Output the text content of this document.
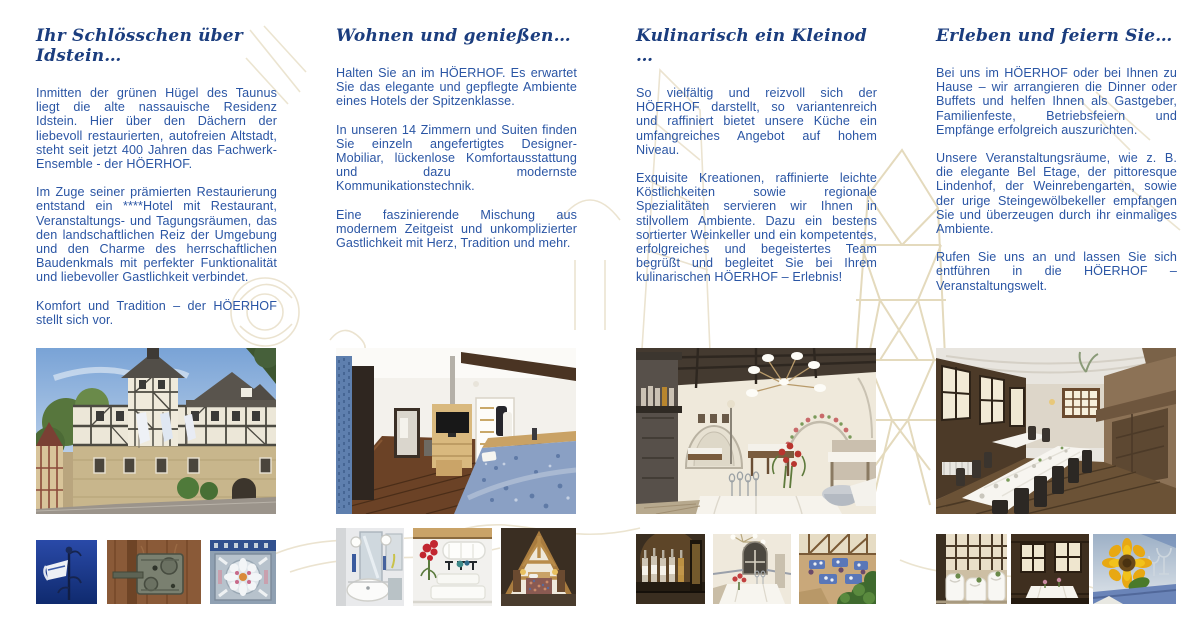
Ihr Schlösschen über Idstein…

Inmitten der grünen Hügel des Taunus liegt die alte nassauische Residenz Idstein. Hier über den Dächern der liebevoll restaurierten, autofreien Altstadt, steht seit jetzt 400 Jahren das Fachwerk-Ensemble - der HÖERHOF.

Im Zuge seiner prämierten Restaurierung entstand ein ****Hotel mit Restaurant, Veranstaltungs- und Tagungsräumen, das den landschaftlichen Reiz der Umgebung und den Charme des herrschaftlichen Baudenkmals mit perfekter Funktionalität und liebevoller Gastlichkeit verbindet.

Komfort und Tradition – der HÖERHOF stellt sich vor.

Wohnen und genießen…

Halten Sie an im HÖERHOF. Es erwartet Sie das elegante und gepflegte Ambiente eines Hotels der Spitzenklasse.

In unseren 14 Zimmern und Suiten finden Sie einzeln angefertigtes Designer-Mobiliar, lückenlose Komfortausstattung und dazu modernste Kommunikationstechnik.

Eine faszinierende Mischung aus modernem Zeitgeist und unkomplizierter Gastlichkeit mit Herz, Tradition und mehr.

Kulinarisch ein Kleinod …

So vielfältig und reizvoll sich der HÖERHOF darstellt, so variantenreich und raffiniert bietet unsere Küche ein umfangreiches Angebot auf hohem Niveau.

Exquisite Kreationen, raffinierte leichte Köstlichkeiten sowie regionale Spezialitäten servieren wir Ihnen in stilvollem Ambiente. Dazu ein bestens sortierter Weinkeller und ein kompetentes, erfolgreiches und begeistertes Team begrüßt und begleitet Sie bei Ihrem kulinarischen HÖERHOF – Erlebnis!

Erleben und feiern Sie…

Bei uns im HÖERHOF oder bei Ihnen zu Hause – wir arrangieren die Dinner oder Buffets und helfen Ihnen als Gastgeber, Familienfeste, Betriebsfeiern und Empfänge erfolgreich auszurichten.

Unsere Veranstaltungsräume, wie z. B. die elegante Bel Etage, der pittoresque Lindenhof, der Weinrebengarten, sowie der urige Steingewölbekeller empfangen Sie und überzeugen durch ihr einmaliges Ambiente.

Rufen Sie uns an und lassen Sie sich entführen in die HÖERHOF – Veranstaltungswelt.
